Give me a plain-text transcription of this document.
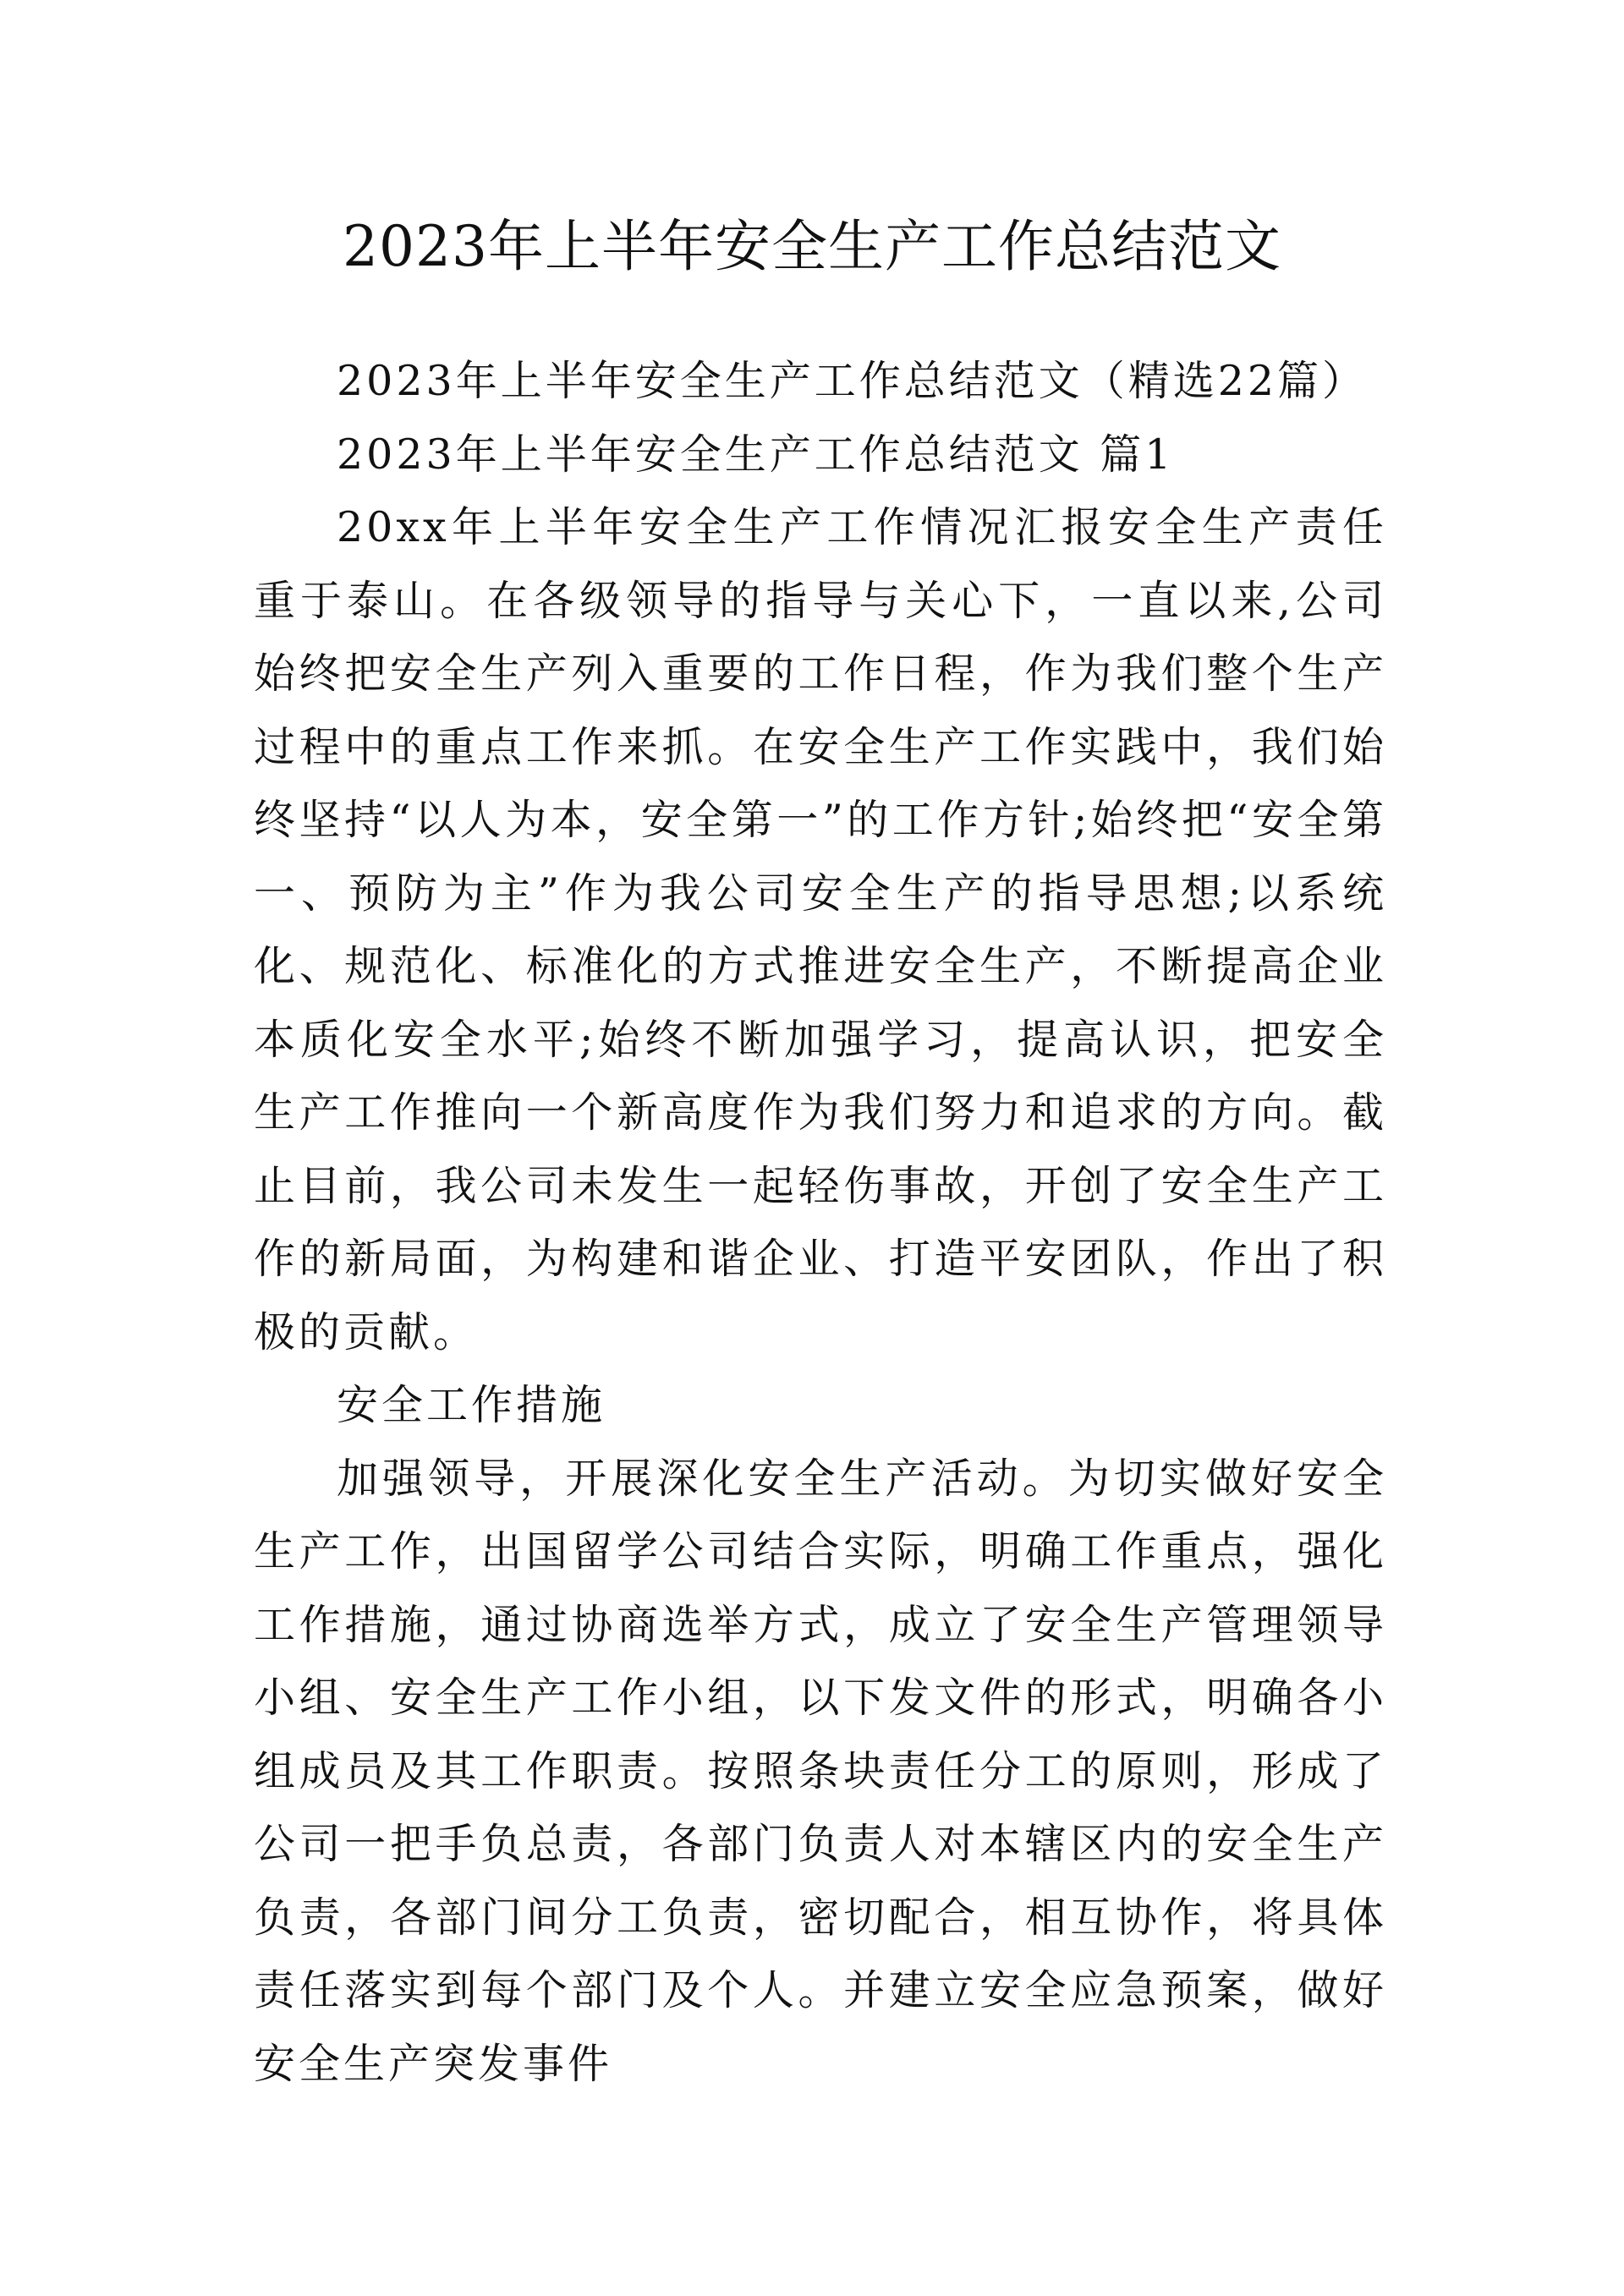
2023年上半年安全生产工作总结范文

2023年上半年安全生产工作总结范文（精选22篇）

2023年上半年安全生产工作总结范文 篇1

20xx年上半年安全生产工作情况汇报安全生产责任重于泰山。在各级领导的指导与关心下，一直以来,公司始终把安全生产列入重要的工作日程，作为我们整个生产过程中的重点工作来抓。在安全生产工作实践中，我们始终坚持“以人为本，安全第一”的工作方针;始终把“安全第一、预防为主”作为我公司安全生产的指导思想;以系统化、规范化、标准化的方式推进安全生产，不断提高企业本质化安全水平;始终不断加强学习，提高认识，把安全生产工作推向一个新高度作为我们努力和追求的方向。截止目前，我公司未发生一起轻伤事故，开创了安全生产工作的新局面，为构建和谐企业、打造平安团队，作出了积极的贡献。

安全工作措施

加强领导，开展深化安全生产活动。为切实做好安全生产工作，出国留学公司结合实际，明确工作重点，强化工作措施，通过协商选举方式，成立了安全生产管理领导小组、安全生产工作小组，以下发文件的形式，明确各小组成员及其工作职责。按照条块责任分工的原则，形成了公司一把手负总责，各部门负责人对本辖区内的安全生产负责，各部门间分工负责，密切配合，相互协作，将具体责任落实到每个部门及个人。并建立安全应急预案，做好安全生产突发事件
